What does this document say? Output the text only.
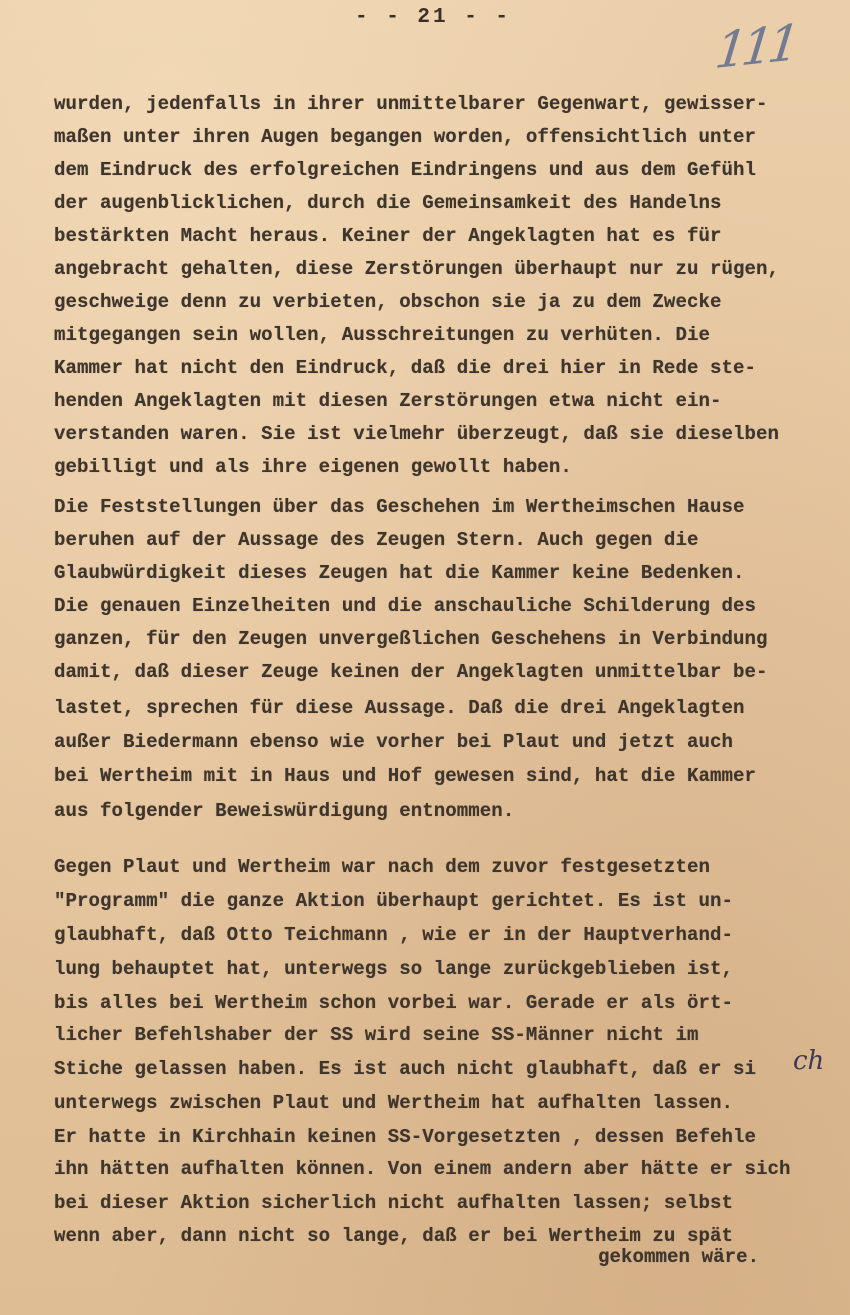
- - 21 - -	111
wurden, jedenfalls in ihrer unmittelbarer Gegenwart, gewisser-
maßen unter ihren Augen begangen worden, offensichtlich unter
dem Eindruck des erfolgreichen Eindringens und aus dem Gefühl
der augenblicklichen, durch die Gemeinsamkeit des Handelns
bestärkten Macht heraus. Keiner der Angeklagten hat es für
angebracht gehalten, diese Zerstörungen überhaupt nur zu rügen,
geschweige denn zu verbieten, obschon sie ja zu dem Zwecke
mitgegangen sein wollen, Ausschreitungen zu verhüten. Die
Kammer hat nicht den Eindruck, daß die drei hier in Rede ste-
henden Angeklagten mit diesen Zerstörungen etwa nicht ein-
verstanden waren. Sie ist vielmehr überzeugt, daß sie dieselben
gebilligt und als ihre eigenen gewollt haben.
Die Feststellungen über das Geschehen im Wertheimschen Hause
beruhen auf der Aussage des Zeugen Stern. Auch gegen die
Glaubwürdigkeit dieses Zeugen hat die Kammer keine Bedenken.
Die genauen Einzelheiten und die anschauliche Schilderung des
ganzen, für den Zeugen unvergeßlichen Geschehens in Verbindung
damit, daß dieser Zeuge keinen der Angeklagten unmittelbar be-
lastet, sprechen für diese Aussage. Daß die drei Angeklagten
außer Biedermann ebenso wie vorher bei Plaut und jetzt auch
bei Wertheim mit in Haus und Hof gewesen sind, hat die Kammer
aus folgender Beweiswürdigung entnommen.
Gegen Plaut und Wertheim war nach dem zuvor festgesetzten
"Programm" die ganze Aktion überhaupt gerichtet. Es ist un-
glaubhaft, daß Otto Teichmann , wie er in der Hauptverhand-
lung behauptet hat, unterwegs so lange zurückgeblieben ist,
bis alles bei Wertheim schon vorbei war. Gerade er als ört-
licher Befehlshaber der SS wird seine SS-Männer nicht im
Stiche gelassen haben. Es ist auch nicht glaubhaft, daß er si
unterwegs zwischen Plaut und Wertheim hat aufhalten lassen.
Er hatte in Kirchhain keinen SS-Vorgesetzten , dessen Befehle
ihn hätten aufhalten können. Von einem andern aber hätte er sich
bei dieser Aktion sicherlich nicht aufhalten lassen; selbst
wenn aber, dann nicht so lange, daß er bei Wertheim zu spät
gekommen wäre.
ch
